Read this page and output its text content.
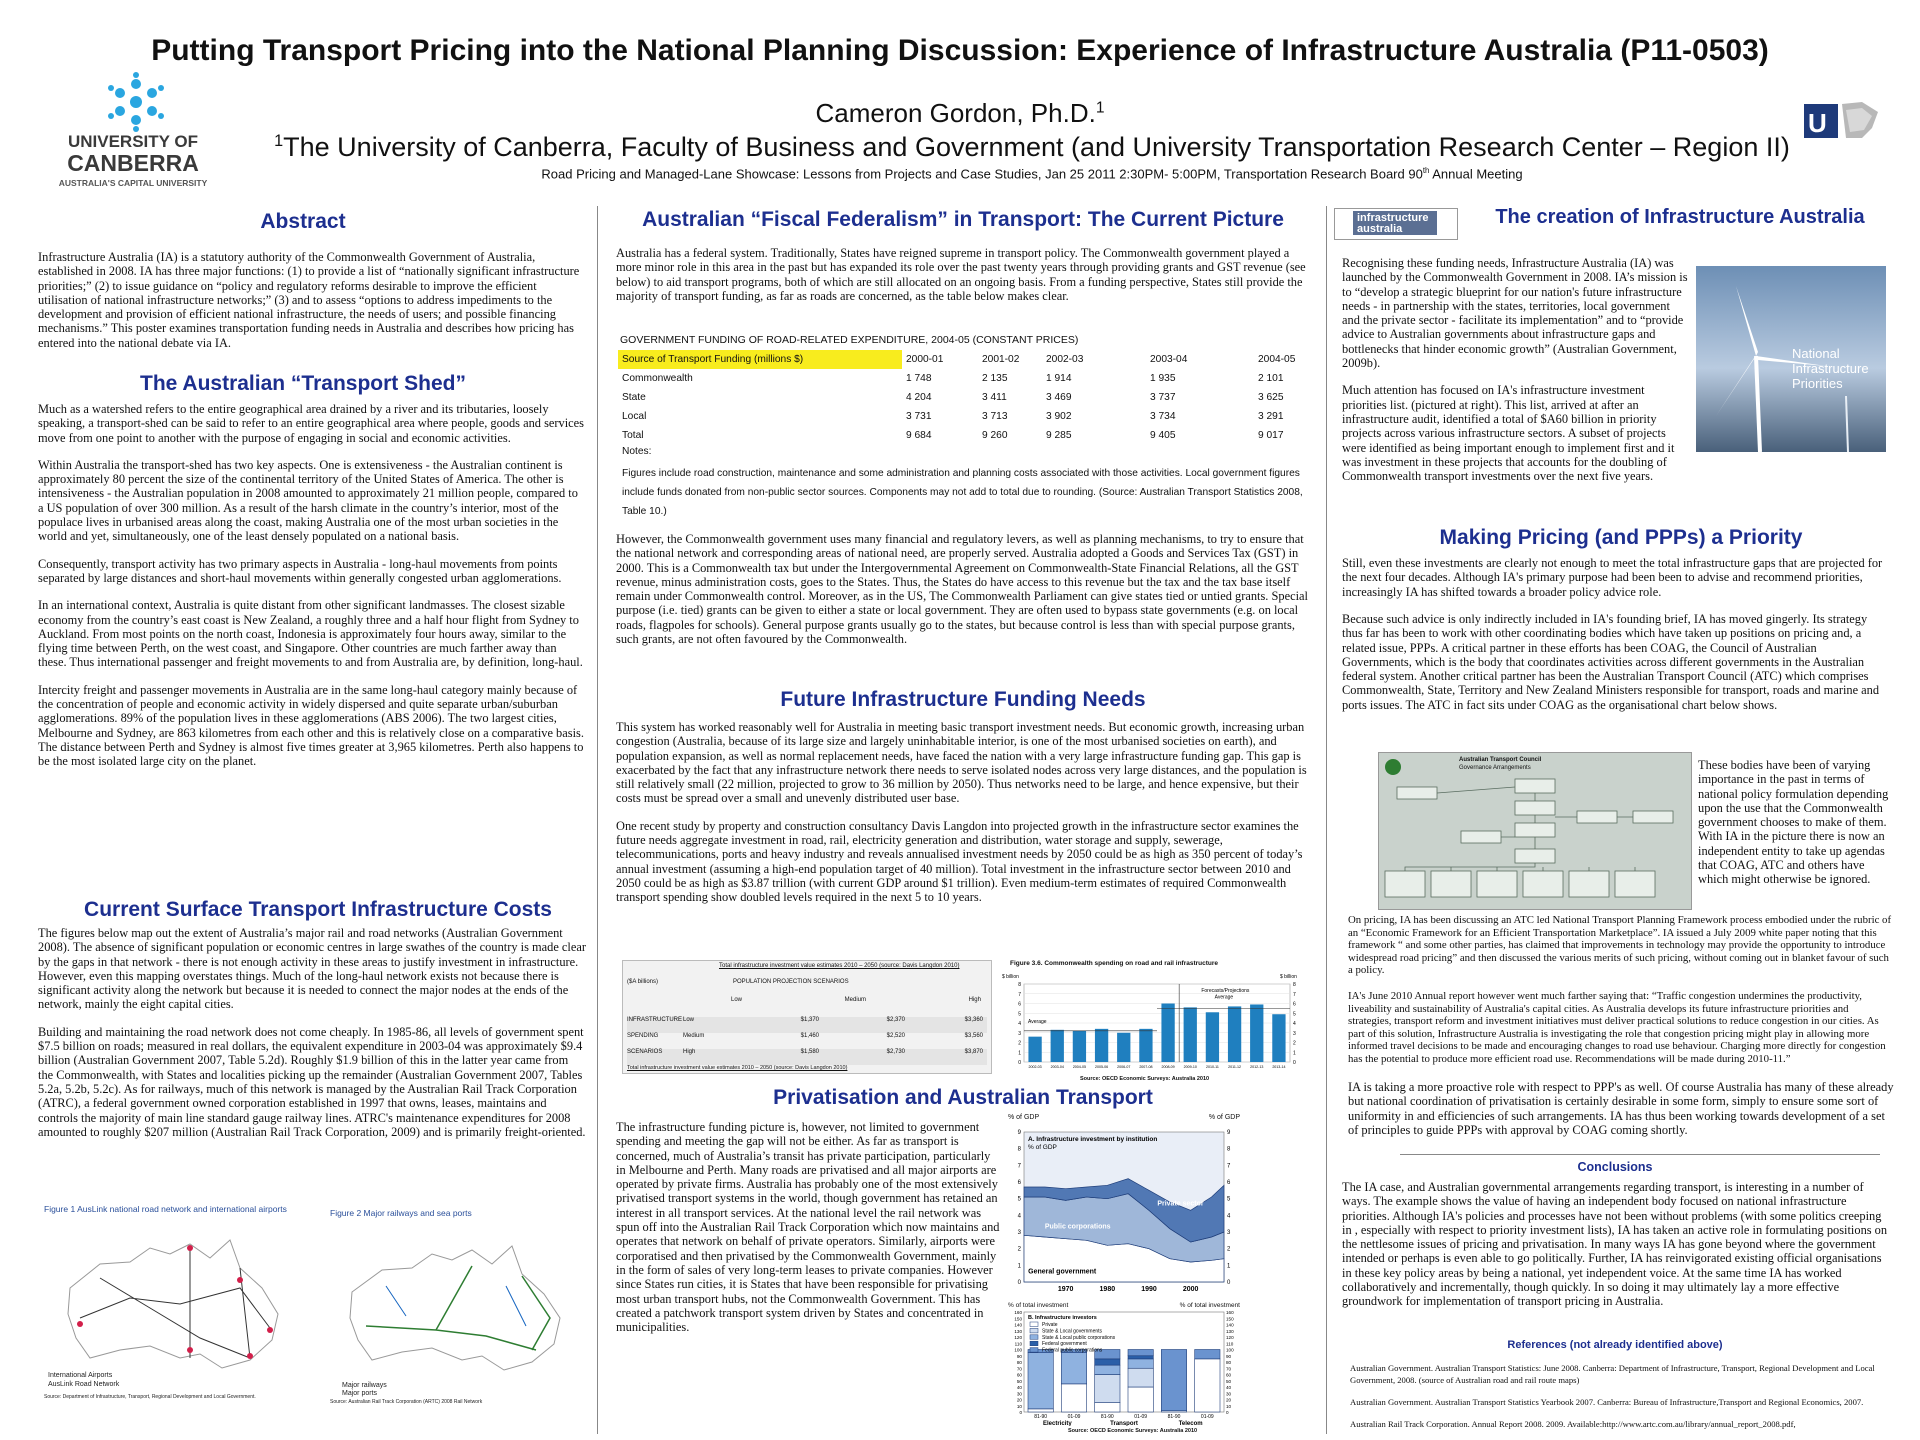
Putting Transport Pricing into the National Planning Discussion: Experience of Infrastructure Australia (P11-0503)
UNIVERSITY OF
CANBERRA
AUSTRALIA'S CAPITAL UNIVERSITY
U
Cameron Gordon, Ph.D.$^1$
$^1$The University of Canberra, Faculty of Business and Government (and University Transportation Research Center – Region II)
Road Pricing and Managed-Lane Showcase: Lessons from Projects and Case Studies, Jan 25 2011 2:30PM- 5:00PM, Transportation Research Board 90th Annual Meeting
Abstract
Infrastructure Australia (IA) is a statutory authority of the Commonwealth Government of Australia, established in 2008. IA has three major functions: (1) to provide a list of “nationally significant infrastructure priorities;” (2) to issue guidance on “policy and regulatory reforms desirable to improve the efficient utilisation of national infrastructure networks;” (3) and to assess “options to address impediments to the development and provision of efficient national infrastructure, the needs of users; and possible financing mechanisms.” This poster examines transportation funding needs in Australia and describes how pricing has entered into the national debate via IA.
The Australian “Transport Shed”

Much as a watershed refers to the entire geographical area drained by a river and its tributaries, loosely speaking, a transport-shed can be said to refer to an entire geographical area where people, goods and services move from one point to another with the purpose of engaging in social and economic activities.

Within Australia the transport-shed has two key aspects. One is extensiveness - the Australian continent is approximately 80 percent the size of the continental territory of the United States of America. The other is intensiveness - the Australian population in 2008 amounted to approximately 21 million people, compared to a US population of over 300 million. As a result of the harsh climate in the country’s interior, most of the populace lives in urbanised areas along the coast, making Australia one of the most urban societies in the world and yet, simultaneously, one of the least densely populated on a national basis.

Consequently, transport activity has two primary aspects in Australia - long-haul movements from points separated by large distances and short-haul movements within generally congested urban agglomerations.

In an international context, Australia is quite distant from other significant landmasses. The closest sizable economy from the country’s east coast is New Zealand, a roughly three and a half hour flight from Sydney to Auckland. From most points on the north coast, Indonesia is approximately four hours away, similar to the flying time between Perth, on the west coast, and Singapore. Other countries are much farther away than these. Thus international passenger and freight movements to and from Australia are, by definition, long-haul.

Intercity freight and passenger movements in Australia are in the same long-haul category mainly because of the concentration of people and economic activity in widely dispersed and quite separate urban/suburban agglomerations. 89% of the population lives in these agglomerations (ABS 2006). The two largest cities, Melbourne and Sydney, are 863 kilometres from each other and this is relatively close on a comparative basis. The distance between Perth and Sydney is almost five times greater at 3,965 kilometres. Perth also happens to be the most isolated large city on the planet.

Current Surface Transport Infrastructure Costs

The figures below map out the extent of Australia’s major rail and road networks (Australian Government 2008). The absence of significant population or economic centres in large swathes of the country is made clear by the gaps in that network - there is not enough activity in these areas to justify investment in infrastructure. However, even this mapping overstates things. Much of the long-haul network exists not because there is significant activity along the network but because it is needed to connect the major nodes at the ends of the network, mainly the eight capital cities.

Building and maintaining the road network does not come cheaply. In 1985-86, all levels of government spent $7.5 billion on roads; measured in real dollars, the equivalent expenditure in 2003-04 was approximately $9.4 billion (Australian Government 2007, Table 5.2d). Roughly $1.9 billion of this in the latter year came from the Commonwealth, with States and localities picking up the remainder (Australian Government 2007, Tables 5.2a, 5.2b, 5.2c). As for railways, much of this network is managed by the Australian Rail Track Corporation (ATRC), a federal government owned corporation established in 1997 that owns, leases, maintains and controls the majority of main line standard gauge railway lines. ATRC's maintenance expenditures for 2008 amounted to roughly $207 million (Australian Rail Track Corporation, 2009) and is primarily freight-oriented.

Figure 1 AusLink national road network and international airports
International Airports
AusLink Road Network
Source: Department of Infrastructure, Transport, Regional Development and Local Government.
Figure 2 Major railways and sea ports
Major railways
Major ports
Source: Australian Rail Track Corporation (ARTC) 2008 Rail Network
Australian “Fiscal Federalism” in Transport: The Current Picture
Australia has a federal system. Traditionally, States have reigned supreme in transport policy. The Commonwealth government played a more minor role in this area in the past but has expanded its role over the past twenty years through providing grants and GST revenue (see below) to aid transport programs, both of which are still allocated on an ongoing basis. From a funding perspective, States still provide the majority of transport funding, as far as roads are concerned, as the table below makes clear.
GOVERNMENT FUNDING OF ROAD-RELATED EXPENDITURE, 2004-05 (CONSTANT PRICES)
Source of Transport Funding (millions $)	2000-01	2001-02	2002-03	2003-04	2004-05
Commonwealth	1 748	2 135	1 914	1 935	2 101
State	4 204	3 411	3 469	3 737	3 625
Local	3 731	3 713	3 902	3 734	3 291
Total	9 684	9 260	9 285	9 405	9 017
Notes:
Figures include road construction, maintenance and some administration and planning costs associated with those activities. Local government figures include funds donated from non-public sector sources. Components may not add to total due to rounding. (Source: Australian Transport Statistics 2008, Table 10.)
However, the Commonwealth government uses many financial and regulatory levers, as well as planning mechanisms, to try to ensure that the national network and corresponding areas of national need, are properly served. Australia adopted a Goods and Services Tax (GST) in 2000. This is a Commonwealth tax but under the Intergovernmental Agreement on Commonwealth-State Financial Relations, all the GST revenue, minus administration costs, goes to the States. Thus, the States do have access to this revenue but the tax and the tax base itself remain under Commonwealth control. Moreover, as in the US, The Commonwealth Parliament can give states tied or untied grants. Special purpose (i.e. tied) grants can be given to either a state or local government. They are often used to bypass state governments (e.g. on local roads, flagpoles for schools). General purpose grants usually go to the states, but because control is less than with special purpose grants, such grants, are not often favoured by the Commonwealth.
Future Infrastructure Funding Needs

This system has worked reasonably well for Australia in meeting basic transport investment needs. But economic growth, increasing urban congestion (Australia, because of its large size and largely uninhabitable interior, is one of the most urbanised societies on earth), and population expansion, as well as normal replacement needs, have faced the nation with a very large infrastructure funding gap. This gap is exacerbated by the fact that any infrastructure network there needs to serve isolated nodes across very large distances, and the population is still relatively small (22 million, projected to grow to 36 million by 2050). Thus networks need to be large, and hence expensive, but their costs must be spread over a small and unevenly distributed user base.

One recent study by property and construction consultancy Davis Langdon into projected growth in the infrastructure sector examines the future needs aggregate investment in road, rail, electricity generation and distribution, water storage and supply, sewerage, telecommunications, ports and heavy industry and reveals annualised investment needs by 2050 could be as high as 350 percent of today’s annual investment (assuming a high-end population target of 40 million). Total investment in the infrastructure sector between 2010 and 2050 could be as high as $3.87 trillion (with current GDP around $1 trillion). Even medium-term estimates of required Commonwealth transport spending show doubled levels required in the next 5 to 10 years.

Total infrastructure investment value estimates 2010 – 2050 (source: Davis Langdon 2010)
($A billions)	POPULATION PROJECTION SCENARIOS
Low	Medium	High
INFRASTRUCTURE Low	$1,370	$2,370	$3,360
SPENDING	Medium	$1,460	$2,520	$3,560
SCENARIOS	High	$1,580	$2,730	$3,870
Total infrastructure investment value estimates 2010 – 2050 (source: Davis Langdon 2010)
Figure 3.6. Commonwealth spending on road and rail infrastructure
0	0
1	1
2	2
3	3
4	4
5	5
6	6
7	7
8	8
$ billion	$ billion
2002-03 2003-04 2004-05 2005-06 2006-07 2007-08 2008-09 2009-10	2010-11	2011-12	2012-13 2013-14
Average
Average
Forecasts/Projections
Source: OECD Economic Surveys: Australia 2010
Privatisation and Australian Transport
The infrastructure funding picture is, however, not limited to government spending and meeting the gap will not be either. As far as transport is concerned, much of Australia’s transit has private participation, particularly in Melbourne and Perth. Many roads are privatised and all major airports are operated by private firms. Australia has probably one of the most extensively privatised transport systems in the world, though government has retained an interest in all transport services. At the national level the rail network was spun off into the Australian Rail Track Corporation which now maintains and operates that network on behalf of private operators. Similarly, airports were corporatised and then privatised by the Commonwealth Government, mainly in the form of sales of very long-term leases to private companies. However since States run cities, it is States that have been responsible for privatising most urban transport hubs, not the Commonwealth Government. This has created a patchwork transport system driven by States and concentrated in municipalities.
% of GDP	% of GDP
0	0
1	1
2	2
3	3
4	4
5	5
6	6
7	7
8	8
9	9
1970	1980	1990	2000
A. Infrastructure investment by institution
% of GDP
Private sector
Public corporations
General government
% of total investment	% of total investment
0	0
10	10
20	20
30	30
40	40
50	50
60	60
70	70
80	80
90	90
100	100
110	110
120	120
130	130
140	140
150	150
160	160
81-90	01-09	81-90	01-09	81-90	01-09
Electricity	Transport	Telecom
B. Infrastructure investors
Private
State & Local governments
State & Local public corporations
Federal government
Federal public corporations
Source: OECD Economic Surveys: Australia 2010
infrastructure
australia
The creation of Infrastructure Australia

Recognising these funding needs, Infrastructure Australia (IA) was launched by the Commonwealth Government in 2008. IA’s mission is to “develop a strategic blueprint for our nation's future infrastructure needs - in partnership with the states, territories, local government and the private sector - facilitate its implementation” and to “provide advice to Australian governments about infrastructure gaps and bottlenecks that hinder economic growth” (Australian Government, 2009b).

Much attention has focused on IA's infrastructure investment priorities list. (pictured at right). This list, arrived at after an infrastructure audit, identified a total of $A60 billion in priority projects across various infrastructure sectors. A subset of projects were identified as being important enough to implement first and it was investment in these projects that accounts for the doubling of Commonwealth transport investments over the next five years.

National
Infrastructure
Priorities
Making Pricing (and PPPs) a Priority
Still, even these investments are clearly not enough to meet the total infrastructure gaps that are projected for the next four decades. Although IA's primary purpose had been been to advise and recommend priorities, increasingly IA has shifted towards a broader policy advice role.
Because such advice is only indirectly included in IA's founding brief, IA has moved gingerly. Its strategy thus far has been to work with other coordinating bodies which have taken up positions on pricing and, a related issue, PPPs. A critical partner in these efforts has been COAG, the Council of Australian Governments, which is the body that coordinates activities across different governments in the Australian federal system. Another critical partner has been the Australian Transport Council (ATC) which comprises Commonwealth, State, Territory and New Zealand Ministers responsible for transport, roads and marine and ports issues. The ATC in fact sits under COAG as the organisational chart below shows.
Australian Transport Council
Governance Arrangements	These bodies have been of varying importance in the past in terms of national policy formulation depending upon the use that the Commonwealth government chooses to make of them. With IA in the picture there is now an independent entity to take up agendas that COAG, ATC and others have which might otherwise be ignored.
On pricing, IA has been discussing an ATC led National Transport Planning Framework process embodied under the rubric of an “Economic Framework for an Efficient Transportation Marketplace”. IA issued a July 2009 white paper noting that this framework “ and some other parties, has claimed that improvements in technology may provide the opportunity to introduce widespread road pricing” and then discussed the various merits of such pricing, without coming out in blanket favour of such a policy.
IA's June 2010 Annual report however went much farther saying that: “Traffic congestion undermines the productivity, liveability and sustainability of Australia's capital cities. As Australia develops its future infrastructure priorities and strategies, transport reform and investment initiatives must deliver practical solutions to reduce congestion in our cities. As part of this solution, Infrastructure Australia is investigating the role that congestion pricing might play in allowing more informed travel decisions to be made and encouraging changes to road use behaviour. Charging more directly for congestion has the potential to produce more efficient road use. Recommendations will be made during 2010-11.”
IA is taking a more proactive role with respect to PPP's as well. Of course Australia has many of these already but national coordination of privatisation is certainly desirable in some form, simply to ensure some sort of uniformity in and efficiencies of such arrangements. IA has thus been working towards development of a set of principles to guide PPPs with approval by COAG coming shortly.
Conclusions
The IA case, and Australian governmental arrangements regarding transport, is interesting in a number of ways. The example shows the value of having an independent body focused on national infrastructure priorities. Although IA's policies and processes have not been without problems (with some politics creeping in , especially with respect to priority investment lists), IA has taken an active role in formulating positions on the nettlesome issues of pricing and privatisation. In many ways IA has gone beyond where the government intended or perhaps is even able to go politically. Further, IA has reinvigorated existing official organisations in these key policy areas by being a national, yet independent voice. At the same time IA has worked collaboratively and incrementally, though quickly. In so doing it may ultimately lay a more effective groundwork for implementation of transport pricing in Australia.
References (not already identified above)

Australian Government. Australian Transport Statistics: June 2008. Canberra: Department of Infrastructure, Transport, Regional Development and Local Government, 2008. (source of Australian road and rail route maps)

Australian Government. Australian Transport Statistics Yearbook 2007. Canberra: Bureau of Infrastructure,Transport and Regional Economics, 2007.

Australian Rail Track Corporation. Annual Report 2008. 2009. Available:http://www.artc.com.au/library/annual_report_2008.pdf,
